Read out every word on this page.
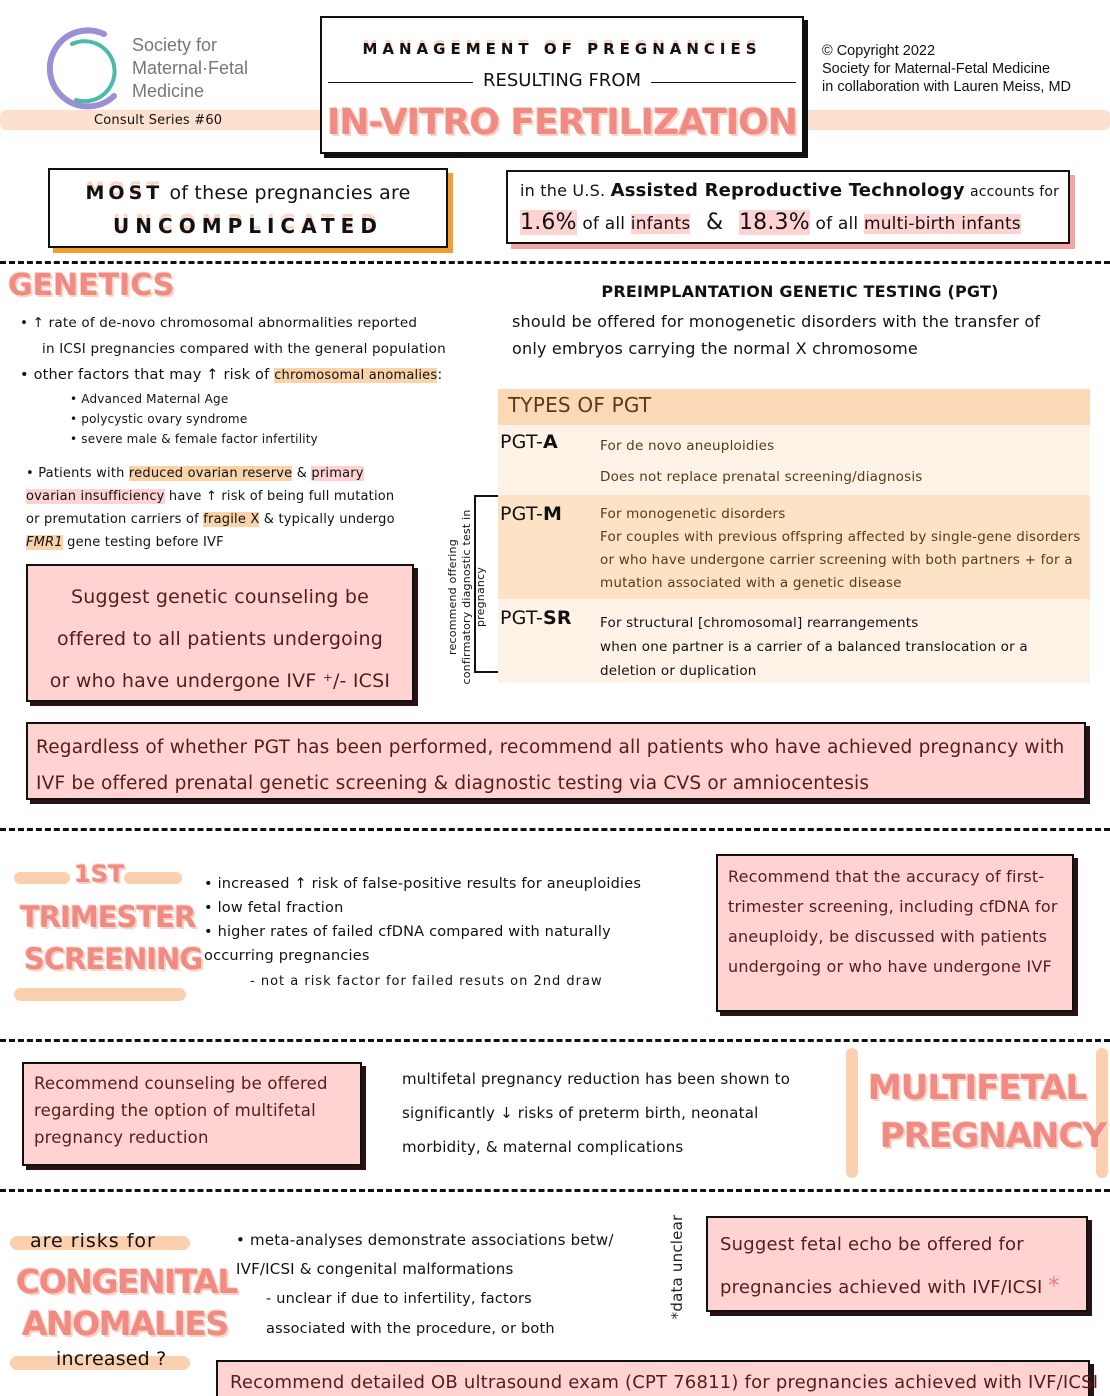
Society for
Maternal·Fetal
Medicine
Consult Series #60
MANAGEMENT OF PREGNANCIES
RESULTING FROM
IN-VITRO FERTILIZATION
© Copyright 2022
Society for Maternal-Fetal Medicine
in collaboration with Lauren Meiss, MD
MOST of these pregnancies are
UNCOMPLICATED
in the U.S. Assisted Reproductive Technology accounts for
1.6% of all infants & 18.3% of all multi-birth infants
GENETICS
• ↑ rate of de-novo chromosomal abnormalities reported
in ICSI pregnancies compared with the general population
• other factors that may ↑ risk of chromosomal anomalies:
• Advanced Maternal Age
• polycystic ovary syndrome
• severe male & female factor infertility
• Patients with reduced ovarian reserve & primary ovarian insufficiency have ↑ risk of being full mutation or premutation carriers of fragile X & typically undergo FMR1 gene testing before IVF
Suggest genetic counseling be offered to all patients undergoing or who have undergone IVF ⁺/- ICSI
PREIMPLANTATION GENETIC TESTING (PGT)
should be offered for monogenetic disorders with the transfer of only embryos carrying the normal X chromosome
TYPES OF PGT
PGT-A	For de novo aneuploidies
Does not replace prenatal screening/diagnosis
PGT-M	For monogenetic disorders
For couples with previous offspring affected by single-gene disorders or who have undergone carrier screening with both partners + for a mutation associated with a genetic disease
PGT-SR For structural [chromosomal] rearrangements
when one partner is a carrier of a balanced translocation or a deletion or duplication
recommend offering confirmatory diagnostic test in pregnancy
Regardless of whether PGT has been performed, recommend all patients who have achieved pregnancy with IVF be offered prenatal genetic screening & diagnostic testing via CVS or amniocentesis
1ST
TRIMESTER
SCREENING
• increased ↑ risk of false-positive results for aneuploidies
• low fetal fraction
• higher rates of failed cfDNA compared with naturally occurring pregnancies
- not a risk factor for failed resuts on 2nd draw
Recommend that the accuracy of first-trimester screening, including cfDNA for aneuploidy, be discussed with patients undergoing or who have undergone IVF
Recommend counseling be offered regarding the option of multifetal pregnancy reduction
multifetal pregnancy reduction has been shown to significantly ↓ risks of preterm birth, neonatal morbidity, & maternal complications
MULTIFETAL
PREGNANCY
are risks for
CONGENITAL
ANOMALIES
increased ?
• meta-analyses demonstrate associations betw/ IVF/ICSI & congenital malformations
- unclear if due to infertility, factors associated with the procedure, or both
*data unclear	Suggest fetal echo be offered for pregnancies achieved with IVF/ICSI *
Recommend detailed OB ultrasound exam (CPT 76811) for pregnancies achieved with IVF/ICSI
